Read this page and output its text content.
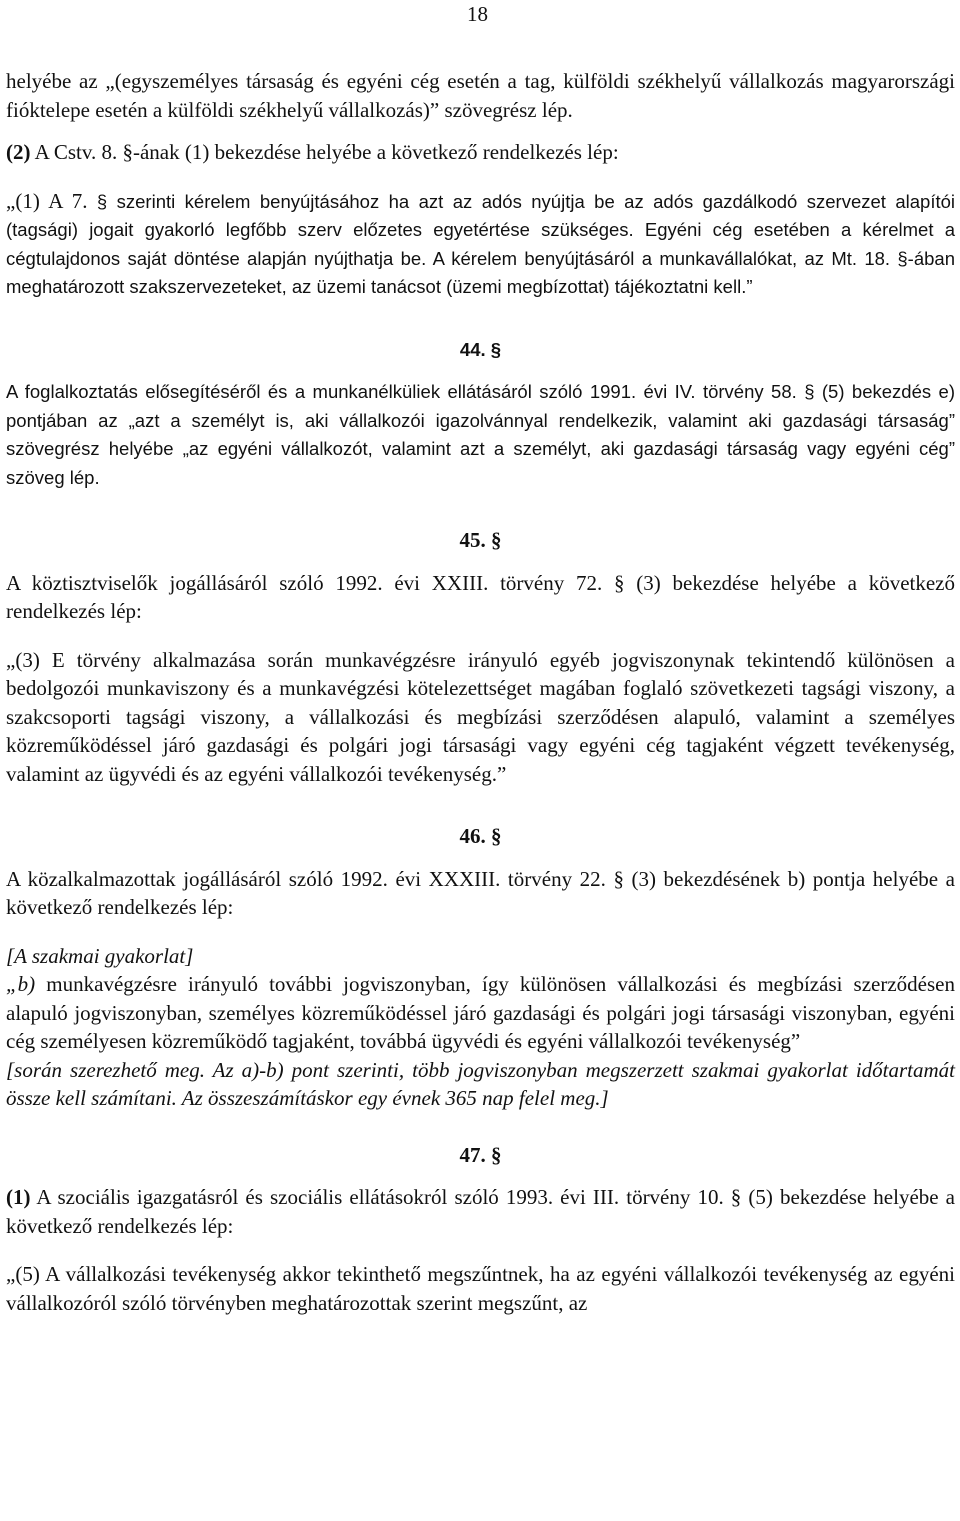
18

helyébe az „(egyszemélyes társaság és egyéni cég esetén a tag, külföldi székhelyű vállalkozás magyarországi fióktelepe esetén a külföldi székhelyű vállalkozás)” szövegrész lép.

(2) A Cstv. 8. §-ának (1) bekezdése helyébe a következő rendelkezés lép:

„(1) A 7. § szerinti kérelem benyújtásához ha azt az adós nyújtja be az adós gazdálkodó szervezet alapítói (tagsági) jogait gyakorló legfőbb szerv előzetes egyetértése szükséges. Egyéni cég esetében a kérelmet a cégtulajdonos saját döntése alapján nyújthatja be. A kérelem benyújtásáról a munkavállalókat, az Mt. 18. §-ában meghatározott szakszervezeteket, az üzemi tanácsot (üzemi megbízottat) tájékoztatni kell.”

44. §

A foglalkoztatás elősegítéséről és a munkanélküliek ellátásáról szóló 1991. évi IV. törvény 58. § (5) bekezdés e) pontjában az „azt a személyt is, aki vállalkozói igazolvánnyal rendelkezik, valamint aki gazdasági társaság” szövegrész helyébe „az egyéni vállalkozót, valamint azt a személyt, aki gazdasági társaság vagy egyéni cég” szöveg lép.

45. §

A köztisztviselők jogállásáról szóló 1992. évi XXIII. törvény 72. § (3) bekezdése helyébe a következő rendelkezés lép:

„(3) E törvény alkalmazása során munkavégzésre irányuló egyéb jogviszonynak tekintendő különösen a bedolgozói munkaviszony és a munkavégzési kötelezettséget magában foglaló szövetkezeti tagsági viszony, a szakcsoporti tagsági viszony, a vállalkozási és megbízási szerződésen alapuló, valamint a személyes közreműködéssel járó gazdasági és polgári jogi társasági vagy egyéni cég tagjaként végzett tevékenység, valamint az ügyvédi és az egyéni vállalkozói tevékenység.”

46. §

A közalkalmazottak jogállásáról szóló 1992. évi XXXIII. törvény 22. § (3) bekezdésének b) pontja helyébe a következő rendelkezés lép:

[A szakmai gyakorlat]

„b) munkavégzésre irányuló további jogviszonyban, így különösen vállalkozási és megbízási szerződésen alapuló jogviszonyban, személyes közreműködéssel járó gazdasági és polgári jogi társasági viszonyban, egyéni cég személyesen közreműködő tagjaként, továbbá ügyvédi és egyéni vállalkozói tevékenység”

[során szerezhető meg. Az a)-b) pont szerinti, több jogviszonyban megszerzett szakmai gyakorlat időtartamát össze kell számítani. Az összeszámításkor egy évnek 365 nap felel meg.]

47. §

(1) A szociális igazgatásról és szociális ellátásokról szóló 1993. évi III. törvény 10. § (5) bekezdése helyébe a következő rendelkezés lép:

„(5) A vállalkozási tevékenység akkor tekinthető megszűntnek, ha az egyéni vállalkozói tevékenység az egyéni vállalkozóról szóló törvényben meghatározottak szerint megszűnt, az
